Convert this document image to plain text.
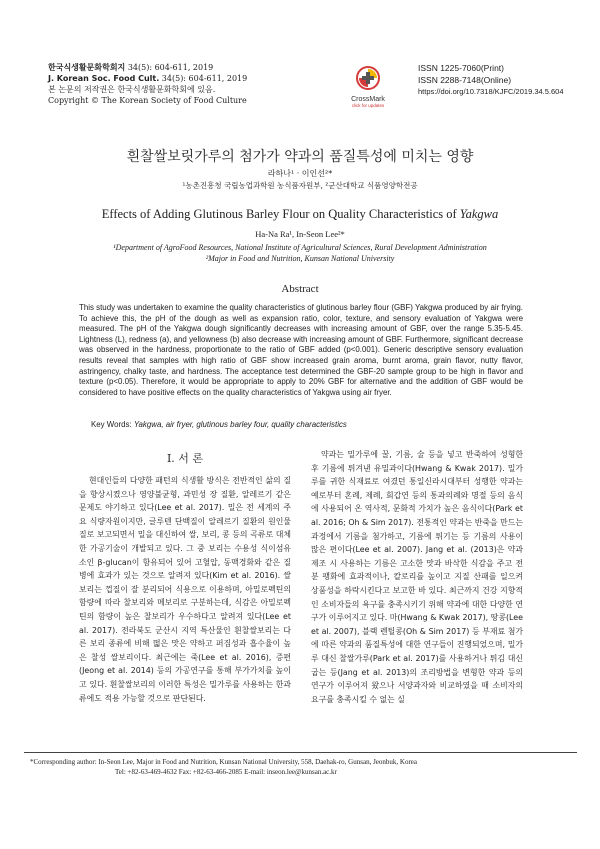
한국식생활문화학회지 34(5): 604-611, 2019
J. Korean Soc. Food Cult. 34(5): 604-611, 2019
본 논문의 저작권은 한국식생활문화학회에 있음.
Copyright © The Korean Society of Food Culture	CrossMark
click for updates
ISSN 1225-7060(Print)
ISSN 2288-7148(Online)
https://doi.org/10.7318/KJFC/2019.34.5.604
흰찰쌀보릿가루의 첨가가 약과의 품질특성에 미치는 영향
라하나¹ · 이인선²*
¹농촌진흥청 국립농업과학원 농식품자원부, ²군산대학교 식품영양학전공
Effects of Adding Glutinous Barley Flour on Quality Characteristics of Yakgwa
Ha-Na Ra¹, In-Seon Lee²*
¹Department of AgroFood Resources, National Institute of Agricultural Sciences, Rural Development Administration
²Major in Food and Nutrition, Kunsan National University
Abstract
This study was undertaken to examine the quality characteristics of glutinous barley flour (GBF) Yakgwa produced by air frying. To achieve this, the pH of the dough as well as expansion ratio, color, texture, and sensory evaluation of Yakgwa were measured. The pH of the Yakgwa dough significantly decreases with increasing amount of GBF, over the range 5.35-5.45. Lightness (L), redness (a), and yellowness (b) also decrease with increasing amount of GBF. Furthermore, significant decrease was observed in the hardness, proportionate to the ratio of GBF added (p<0.001). Generic descriptive sensory evaluation results reveal that samples with high ratio of GBF show increased grain aroma, burnt aroma, grain flavor, nutty flavor, astringency, chalky taste, and hardness. The acceptance test determined the GBF-20 sample group to be high in flavor and texture (p<0.05). Therefore, it would be appropriate to apply to 20% GBF for alternative and the addition of GBF would be considered to have positive effects on the quality characteristics of Yakgwa using air fryer.
Key Words: Yakgwa, air fryer, glutinous barley four, quality characteristics
I. 서 론

현대인들의 다양한 패턴의 식생활 방식은 전반적인 삶의 질을 향상시켰으나 영양불균형, 과민성 장 질환, 알레르기 같은 문제도 야기하고 있다(Lee et al. 2017). 밀은 전 세계의 주요 식량자원이지만, 글루텐 단백질이 알레르기 질환의 원인물질로 보고되면서 밀을 대신하여 쌀, 보리, 콩 등의 곡류로 대체한 가공기술이 개발되고 있다. 그 중 보리는 수용성 식이섬유소인 β-glucan이 함유되어 있어 고혈압, 동맥경화와 같은 질병에 효과가 있는 것으로 알려져 있다(Kim et al. 2016). 쌀보리는 껍질이 잘 분리되어 식용으로 이용하며, 아밀로펙틴의 함량에 따라 찰보리와 메보리로 구분하는데, 식감은 아밀로펙틴의 함량이 높은 찰보리가 우수하다고 알려져 있다(Lee et al. 2017). 전라북도 군산시 지역 특산물인 흰찰쌀보리는 다른 보리 종류에 비해 떫은 맛은 약하고 퍼짐성과 흡수율이 높은 찰성 쌀보리이다. 최근에는 죽(Lee et al. 2016), 증편(Jeong et al. 2014) 등의 가공연구를 통해 부가가치를 높이고 있다. 흰찰쌀보리의 이러한 특성은 밀가루를 사용하는 한과류에도 적용 가능할 것으로 판단된다.

약과는 밀가루에 꿀, 기름, 술 등을 넣고 반죽하여 성형한 후 기름에 튀겨낸 유밀과이다(Hwang & Kwak 2017). 밀가루를 귀한 식재료로 여겼던 통일신라시대부터 성행한 약과는 예로부터 혼례, 제례, 회갑연 등의 통과의례와 명절 등의 음식에 사용되어 온 역사적, 문화적 가치가 높은 음식이다(Park et al. 2016; Oh & Sim 2017). 전통적인 약과는 반죽을 만드는 과정에서 기름을 첨가하고, 기름에 튀기는 등 기름의 사용이 많은 편이다(Lee et al. 2007). Jang et al. (2013)은 약과 제조 시 사용하는 기름은 고소한 맛과 바삭한 식감을 주고 전분 팽화에 효과적이나, 칼로리를 높이고 지질 산패를 일으켜 상품성을 하락시킨다고 보고한 바 있다. 최근까지 건강 지향적인 소비자들의 욕구를 충족시키기 위해 약과에 대한 다양한 연구가 이루어지고 있다. 마(Hwang & Kwak 2017), 땅콩(Lee et al. 2007), 블랙 렌틸콩(Oh & Sim 2017) 등 부재료 첨가에 따른 약과의 품질특성에 대한 연구들이 진행되었으며, 밀가루 대신 찰쌀가루(Park et al. 2017)를 사용하거나 튀김 대신 굽는 등(Jang et al. 2013)의 조리방법을 변형한 약과 등의 연구가 이루어져 왔으나 서양과자와 비교하였을 때 소비자의 요구를 충족시킬 수 없는 실

*Corresponding author: In-Seon Lee, Major in Food and Nutrition, Kunsan National University, 558, Daehak-ro, Gunsan, Jeonbuk, Korea
Tel: +82-63-469-4632 Fax: +82-63-466-2085 E-mail: inseon.lee@kunsan.ac.kr
